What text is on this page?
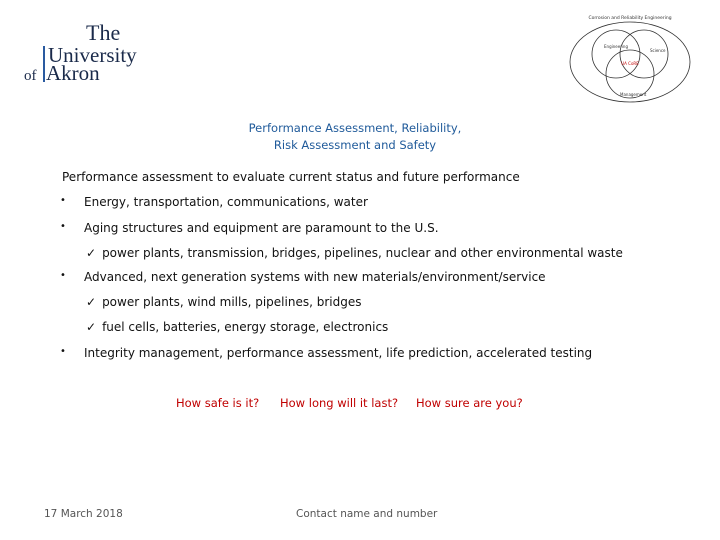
The
University
of Akron
Corrosion and Reliability Engineering
Engineering
Science
Management
UA CoRE
Performance Assessment, Reliability,
Risk Assessment and Safety
Performance assessment to evaluate current status and future performance
• Energy, transportation, communications, water
• Aging structures and equipment are paramount to the U.S.
✓ power plants, transmission, bridges, pipelines, nuclear and other environmental waste
• Advanced, next generation systems with new materials/environment/service
✓ power plants, wind mills, pipelines, bridges
✓ fuel cells, batteries, energy storage, electronics
• Integrity management, performance assessment, life prediction, accelerated testing
How safe is it? How long will it last? How sure are you?
17 March 2018	Contact name and number
